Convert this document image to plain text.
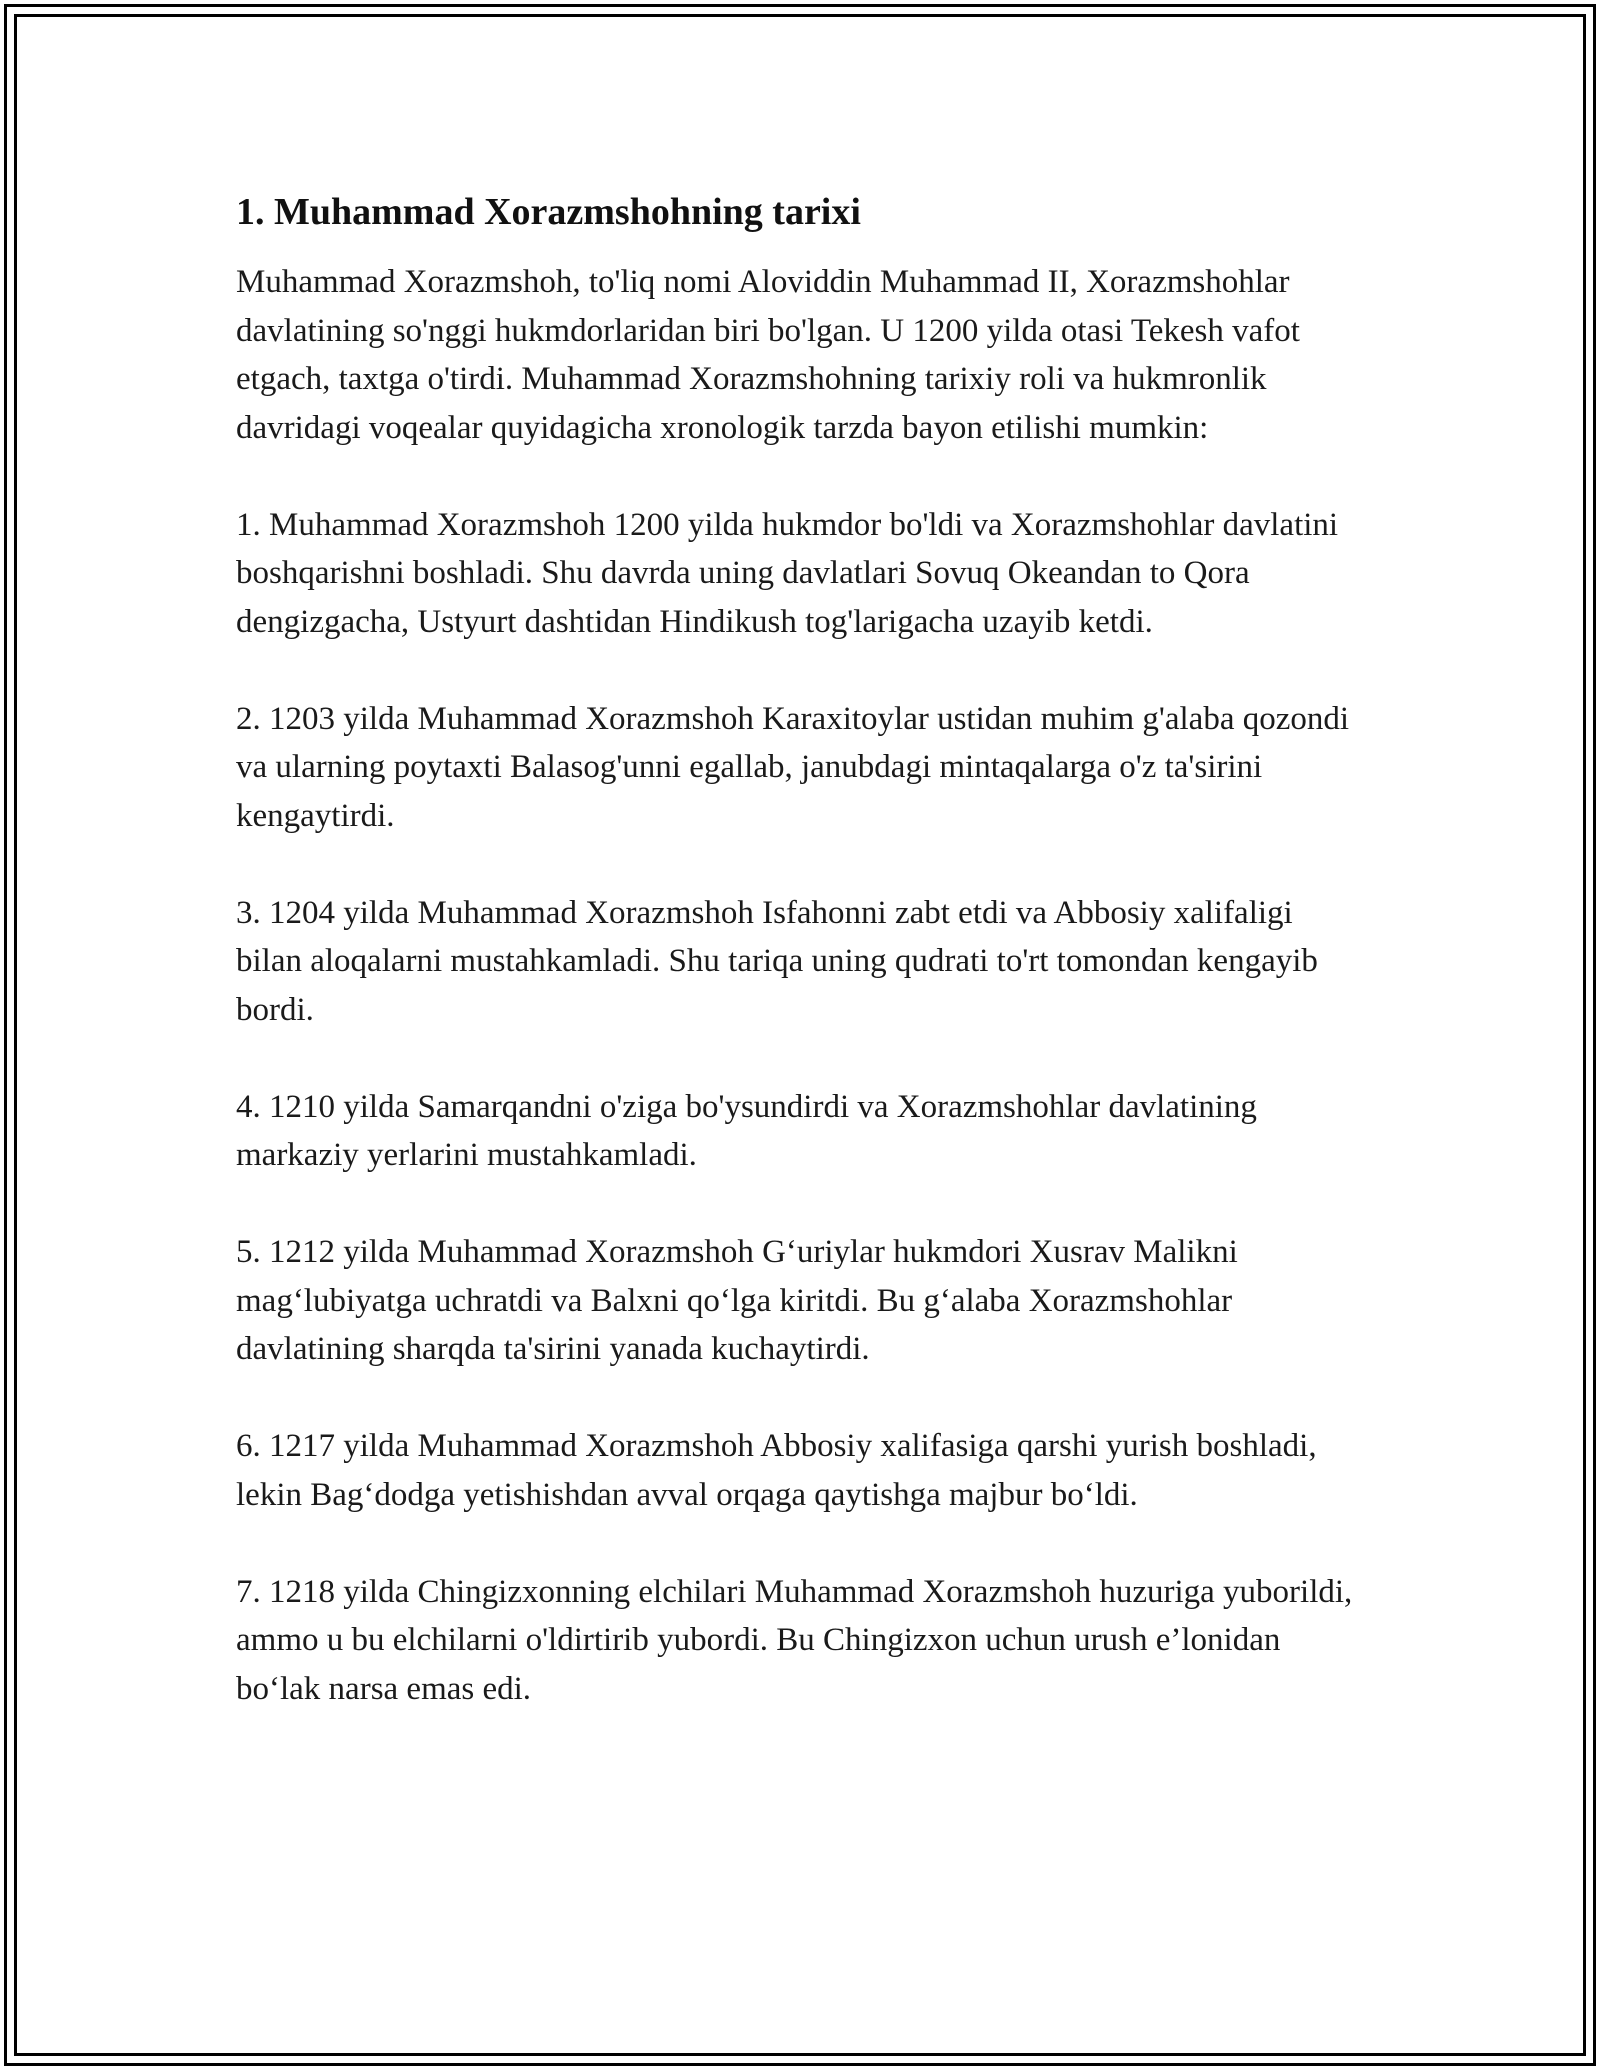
1. Muhammad Xorazmshohning tarixi

Muhammad Xorazmshoh, to'liq nomi Aloviddin Muhammad II, Xorazmshohlar davlatining so'nggi hukmdorlaridan biri bo'lgan. U 1200 yilda otasi Tekesh vafot etgach, taxtga o'tirdi. Muhammad Xorazmshohning tarixiy roli va hukmronlik davridagi voqealar quyidagicha xronologik tarzda bayon etilishi mumkin:

1. Muhammad Xorazmshoh 1200 yilda hukmdor bo'ldi va Xorazmshohlar davlatini boshqarishni boshladi. Shu davrda uning davlatlari Sovuq Okeandan to Qora dengizgacha, Ustyurt dashtidan Hindikush tog'larigacha uzayib ketdi.

2. 1203 yilda Muhammad Xorazmshoh Karaxitoylar ustidan muhim g'alaba qozondi va ularning poytaxti Balasog'unni egallab, janubdagi mintaqalarga o'z ta'sirini kengaytirdi.

3. 1204 yilda Muhammad Xorazmshoh Isfahonni zabt etdi va Abbosiy xalifaligi bilan aloqalarni mustahkamladi. Shu tariqa uning qudrati to'rt tomondan kengayib bordi.

4. 1210 yilda Samarqandni o'ziga bo'ysundirdi va Xorazmshohlar davlatining markaziy yerlarini mustahkamladi.

5. 1212 yilda Muhammad Xorazmshoh G‘uriylar hukmdori Xusrav Malikni mag‘lubiyatga uchratdi va Balxni qo‘lga kiritdi. Bu g‘alaba Xorazmshohlar davlatining sharqda ta'sirini yanada kuchaytirdi.

6. 1217 yilda Muhammad Xorazmshoh Abbosiy xalifasiga qarshi yurish boshladi, lekin Bag‘dodga yetishishdan avval orqaga qaytishga majbur bo‘ldi.

7. 1218 yilda Chingizxonning elchilari Muhammad Xorazmshoh huzuriga yuborildi, ammo u bu elchilarni o'ldirtirib yubordi. Bu Chingizxon uchun urush e’lonidan bo‘lak narsa emas edi.
